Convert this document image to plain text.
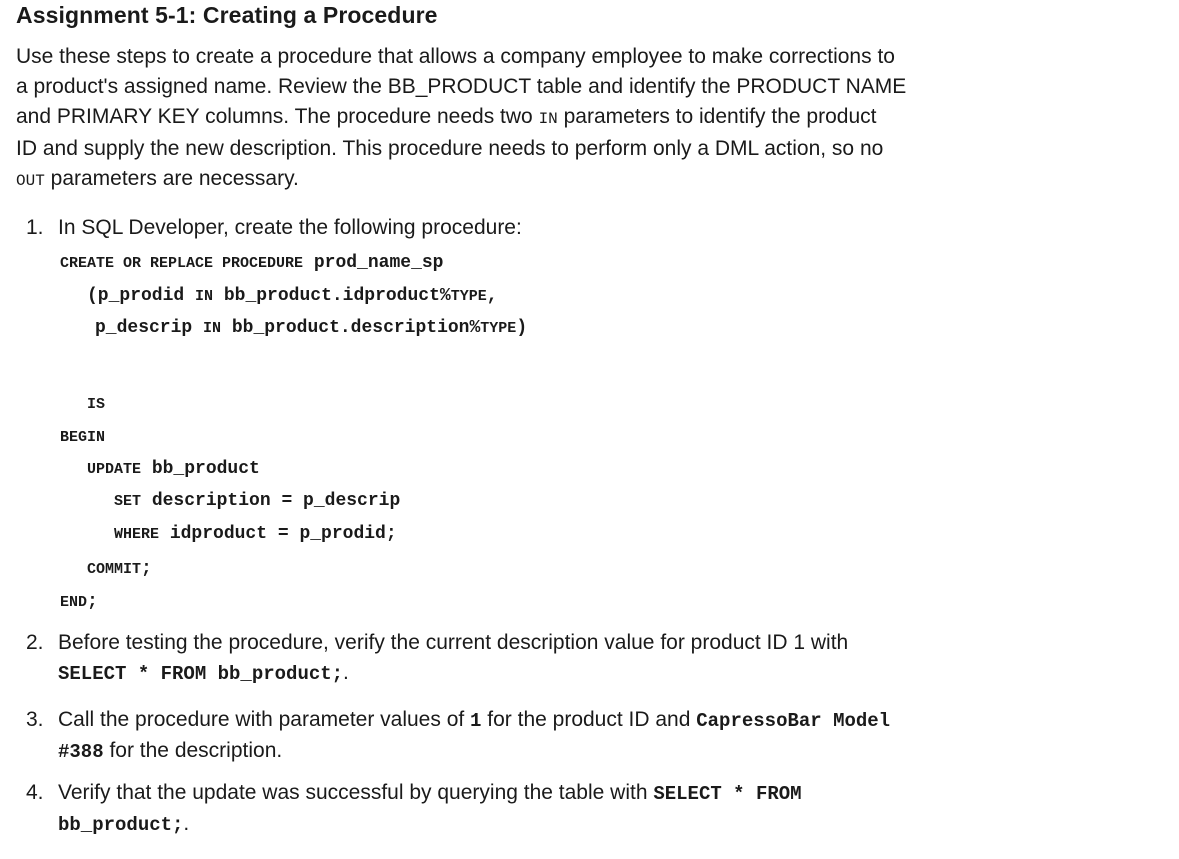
Assignment 5-1: Creating a Procedure
Use these steps to create a procedure that allows a company employee to make corrections to
a product's assigned name. Review the BB_PRODUCT table and identify the PRODUCT NAME
and PRIMARY KEY columns. The procedure needs two IN parameters to identify the product
ID and supply the new description. This procedure needs to perform only a DML action, so no
OUT parameters are necessary.
1. In SQL Developer, create the following procedure:

CREATE OR REPLACE PROCEDURE prod_name_sp

(p_prodid IN bb_product.idproduct%TYPE,

p_descrip IN bb_product.description%TYPE)

IS

BEGIN

UPDATE bb_product

SET description = p_descrip

WHERE idproduct = p_prodid;

COMMIT;

END;

2. Before testing the procedure, verify the current description value for product ID 1 with
SELECT * FROM bb_product;.
3. Call the procedure with parameter values of 1 for the product ID and CapressoBar Model
#388 for the description.
4. Verify that the update was successful by querying the table with SELECT * FROM
bb_product;.
